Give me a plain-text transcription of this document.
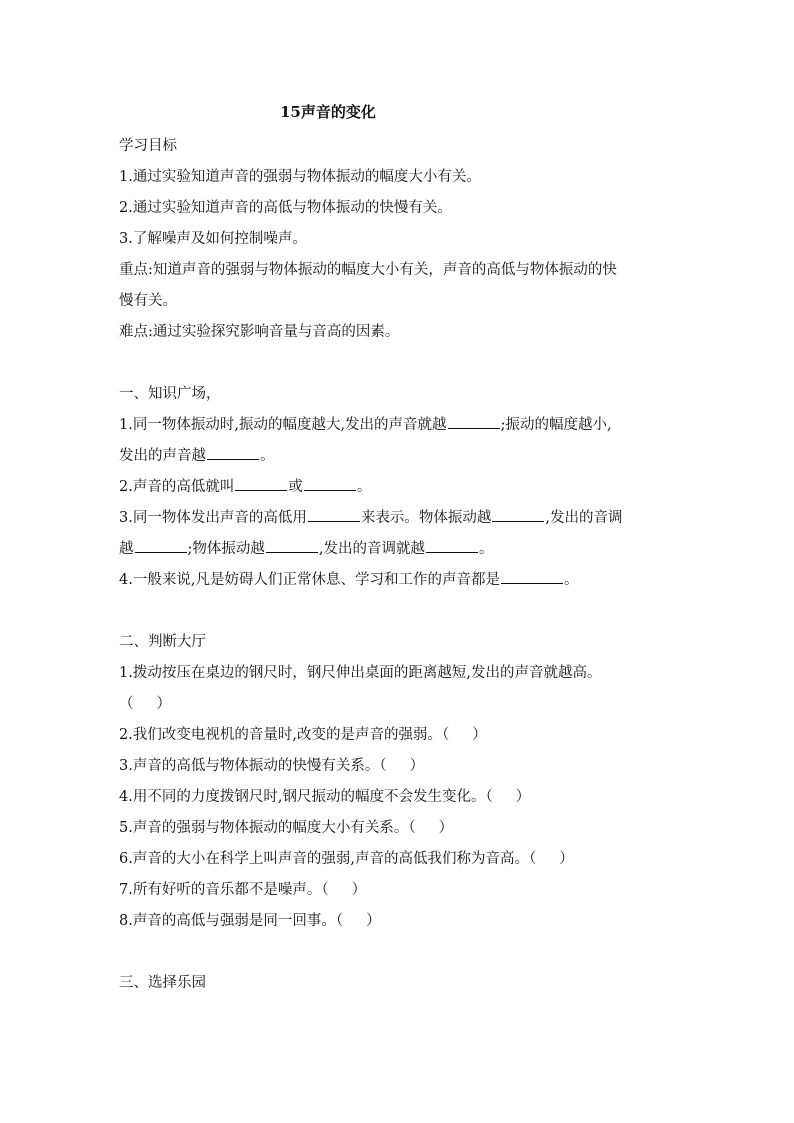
15声音的变化
学习目标
1.通过实验知道声音的强弱与物体振动的幅度大小有关。
2.通过实验知道声音的高低与物体振动的快慢有关。
3.了解噪声及如何控制噪声。
重点:知道声音的强弱与物体振动的幅度大小有关，声音的高低与物体振动的快
慢有关。
难点:通过实验探究影响音量与音高的因素。
一、知识广场，
1.同一物体振动时,振动的幅度越大,发出的声音就越	;振动的幅度越小,
发出的声音越	。
2.声音的高低就叫	或	。
3.同一物体发出声音的高低用	来表示。物体振动越	,发出的音调
越	;物体振动越	,发出的音调就越	。
4.一般来说,凡是妨碍人们正常休息、学习和工作的声音都是	。
二、判断大厅
1.拨动按压在桌边的钢尺时，钢尺伸出桌面的距离越短,发出的声音就越高。
（     ）
2.我们改变电视机的音量时,改变的是声音的强弱。（     ）
3.声音的高低与物体振动的快慢有关系。（     ）
4.用不同的力度拨钢尺时,钢尺振动的幅度不会发生变化。（     ）
5.声音的强弱与物体振动的幅度大小有关系。（     ）
6.声音的大小在科学上叫声音的强弱,声音的高低我们称为音高。（     ）
7.所有好听的音乐都不是噪声。（     ）
8.声音的高低与强弱是同一回事。（     ）
三、选择乐园
